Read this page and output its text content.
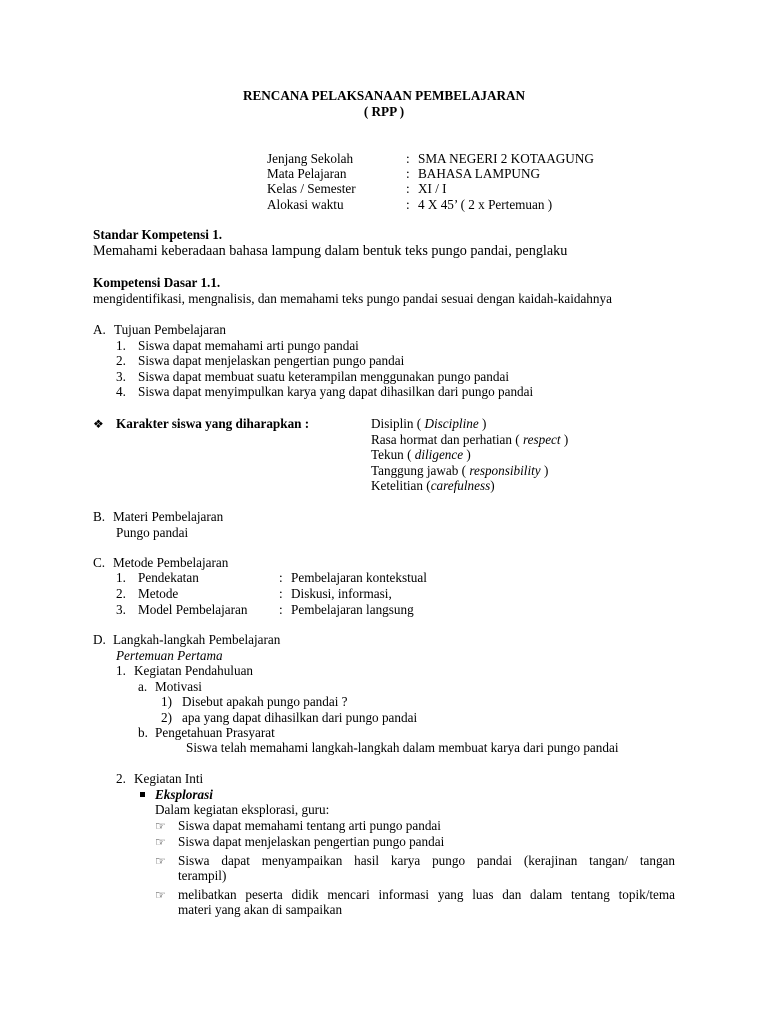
RENCANA PELAKSANAAN PEMBELAJARAN
( RPP )
Jenjang Sekolah	: SMA NEGERI 2 KOTAAGUNG
Mata Pelajaran	: BAHASA LAMPUNG
Kelas / Semester	: XI / I
Alokasi waktu	: 4 X 45’ ( 2 x Pertemuan )
Standar Kompetensi 1.
Memahami keberadaan bahasa lampung dalam bentuk teks pungo pandai, penglaku
Kompetensi Dasar 1.1.
mengidentifikasi, mengnalisis, dan memahami teks pungo pandai sesuai dengan kaidah-kaidahnya
A. Tujuan Pembelajaran
1. Siswa dapat memahami arti pungo pandai
2. Siswa dapat menjelaskan pengertian pungo pandai
3. Siswa dapat membuat suatu keterampilan menggunakan pungo pandai
4. Siswa dapat menyimpulkan karya yang dapat dihasilkan dari pungo pandai
❖ Karakter siswa yang diharapkan :	Disiplin ( Discipline )
Rasa hormat dan perhatian ( respect )
Tekun ( diligence )
Tanggung jawab ( responsibility )
Ketelitian (carefulness)
B. Materi Pembelajaran
Pungo pandai
C. Metode Pembelajaran
1. Pendekatan	: Pembelajaran kontekstual
2. Metode	: Diskusi, informasi,
3. Model Pembelajaran : Pembelajaran langsung
D. Langkah-langkah Pembelajaran
Pertemuan Pertama
1. Kegiatan Pendahuluan
a. Motivasi
1) Disebut apakah pungo pandai ?
2) apa yang dapat dihasilkan dari pungo pandai
b. Pengetahuan Prasyarat
Siswa telah memahami langkah-langkah dalam membuat karya dari pungo pandai
2. Kegiatan Inti
Eksplorasi
Dalam kegiatan eksplorasi, guru:
☞ Siswa dapat memahami tentang arti pungo pandai
☞ Siswa dapat menjelaskan pengertian pungo pandai
☞ Siswa dapat menyampaikan hasil karya pungo pandai (kerajinan tangan/ tangan
terampil)
☞ melibatkan peserta didik mencari informasi yang luas dan dalam tentang topik/tema
materi yang akan di sampaikan
